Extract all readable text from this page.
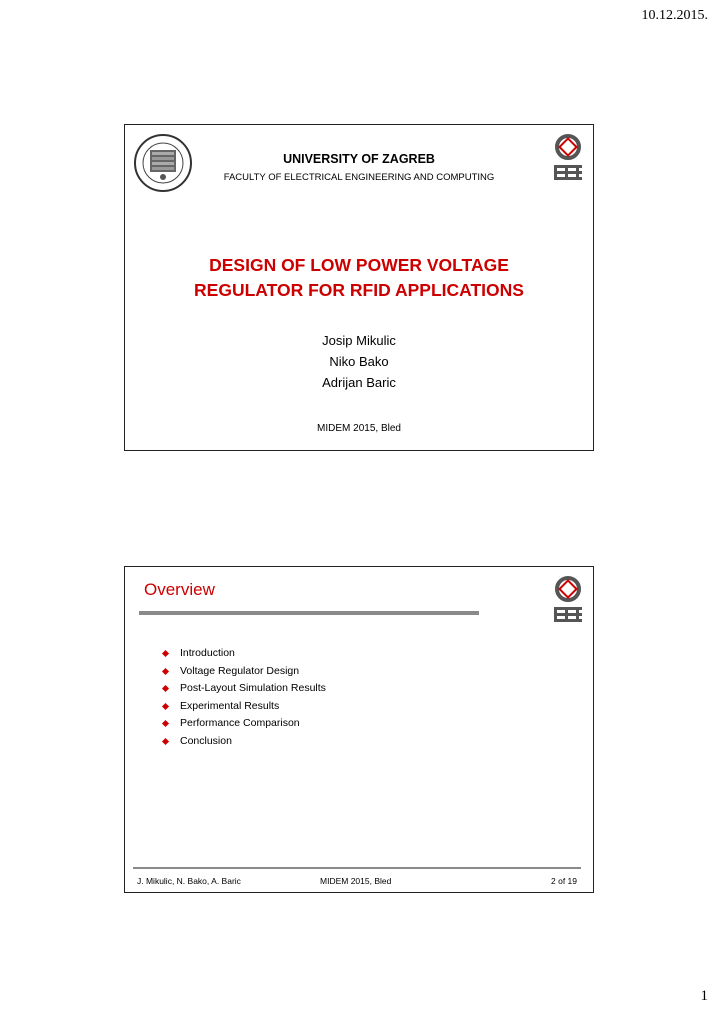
10.12.2015.
UNIVERSITY OF ZAGREB
FACULTY OF ELECTRICAL ENGINEERING AND COMPUTING
DESIGN OF LOW POWER VOLTAGE
REGULATOR FOR RFID APPLICATIONS
Josip Mikulic
Niko Bako
Adrijan Baric
MIDEM 2015, Bled
Overview
Introduction
Voltage Regulator Design
Post-Layout Simulation Results
Experimental Results
Performance Comparison
Conclusion
J. Mikulic, N. Bako, A. Baric	MIDEM 2015, Bled	2 of 19
1
